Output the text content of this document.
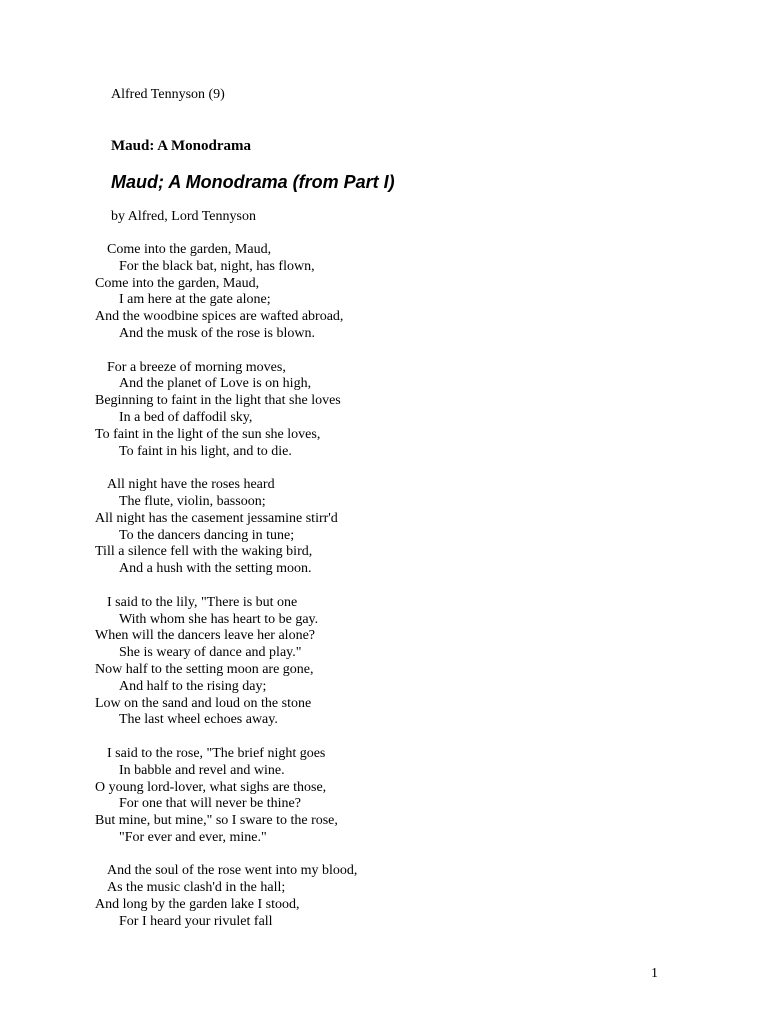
Alfred Tennyson (9)

Maud: A Monodrama
Maud; A Monodrama (from Part I)

by Alfred, Lord Tennyson

Come into the garden, Maud,
For the black bat, night, has flown,
Come into the garden, Maud,
I am here at the gate alone;
And the woodbine spices are wafted abroad,
And the musk of the rose is blown.
For a breeze of morning moves,
And the planet of Love is on high,
Beginning to faint in the light that she loves
In a bed of daffodil sky,
To faint in the light of the sun she loves,
To faint in his light, and to die.
All night have the roses heard
The flute, violin, bassoon;
All night has the casement jessamine stirr'd
To the dancers dancing in tune;
Till a silence fell with the waking bird,
And a hush with the setting moon.
I said to the lily, "There is but one
With whom she has heart to be gay.
When will the dancers leave her alone?
She is weary of dance and play."
Now half to the setting moon are gone,
And half to the rising day;
Low on the sand and loud on the stone
The last wheel echoes away.
I said to the rose, "The brief night goes
In babble and revel and wine.
O young lord-lover, what sighs are those,
For one that will never be thine?
But mine, but mine," so I sware to the rose,
"For ever and ever, mine."
And the soul of the rose went into my blood,
As the music clash'd in the hall;
And long by the garden lake I stood,
For I heard your rivulet fall
1
